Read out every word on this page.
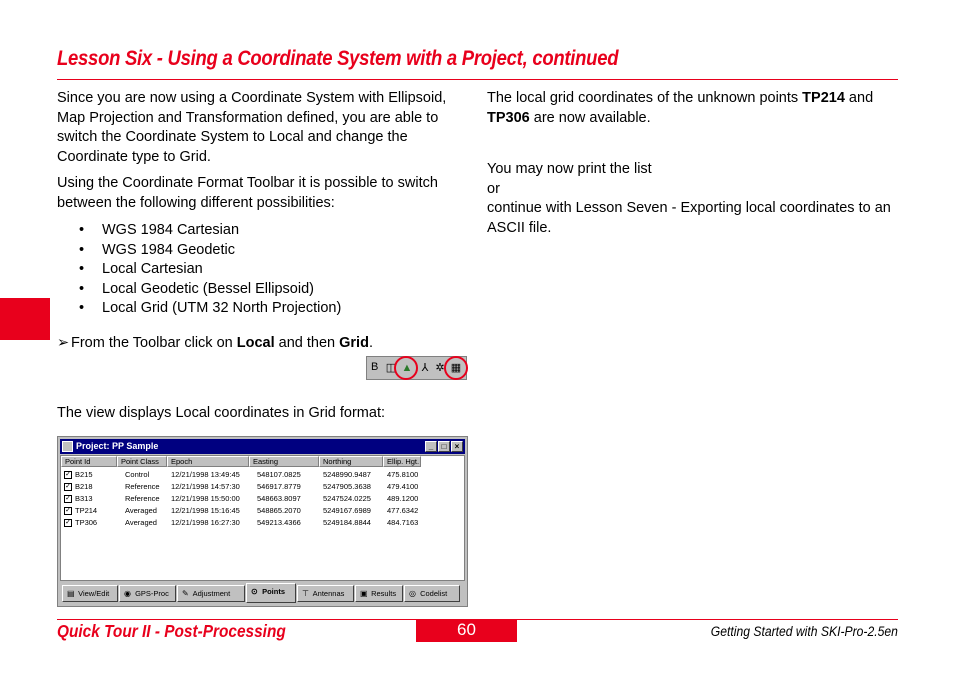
Lesson Six - Using a Coordinate System with a Project, continued

Since you are now using a Coordinate System with Ellipsoid, Map Projection and Transformation defined, you are able to switch the Coordinate System to Local and change the Coordinate type to Grid.

Using the Coordinate Format Toolbar it is possible to switch between the following different possibilities:

• WGS 1984 Cartesian
• WGS 1984 Geodetic
• Local Cartesian
• Local Geodetic (Bessel Ellipsoid)
• Local Grid (UTM 32 North Projection)
➢ From the Toolbar click on Local and then Grid.
B ◫ ▲ ⅄ ✲ ▦
The view displays Local coordinates in Grid format:
Project: PP Sample	_ □ ×
Point Id	Point Class	Epoch	Easting	Northing	Ellip. Hgt.
✓ B215	Control	12/21/1998 13:49:45 548107.0825	5248990.9487 475.8100
✓ B218	Reference 12/21/1998 14:57:30 546917.8779	5247905.3638 479.4100
✓ B313	Reference 12/21/1998 15:50:00 548663.8097	5247524.0225 489.1200
✓ TP214	Averaged 12/21/1998 15:16:45 548865.2070	5249167.6989 477.6342
✓ TP306	Averaged 12/21/1998 16:27:30 549213.4366	5249184.8844 484.7163
▤ View/Edit	◉ GPS-Proc	✎ Adjustment	⊙ Points	⊤ Antennas	▣ Results	◎ Codelist

The local grid coordinates of the unknown points TP214 and TP306 are now available.

You may now print the list
or
continue with Lesson Seven - Exporting local coordinates to an ASCII file.
Quick Tour II - Post-Processing	60	Getting Started with SKI-Pro-2.5en
